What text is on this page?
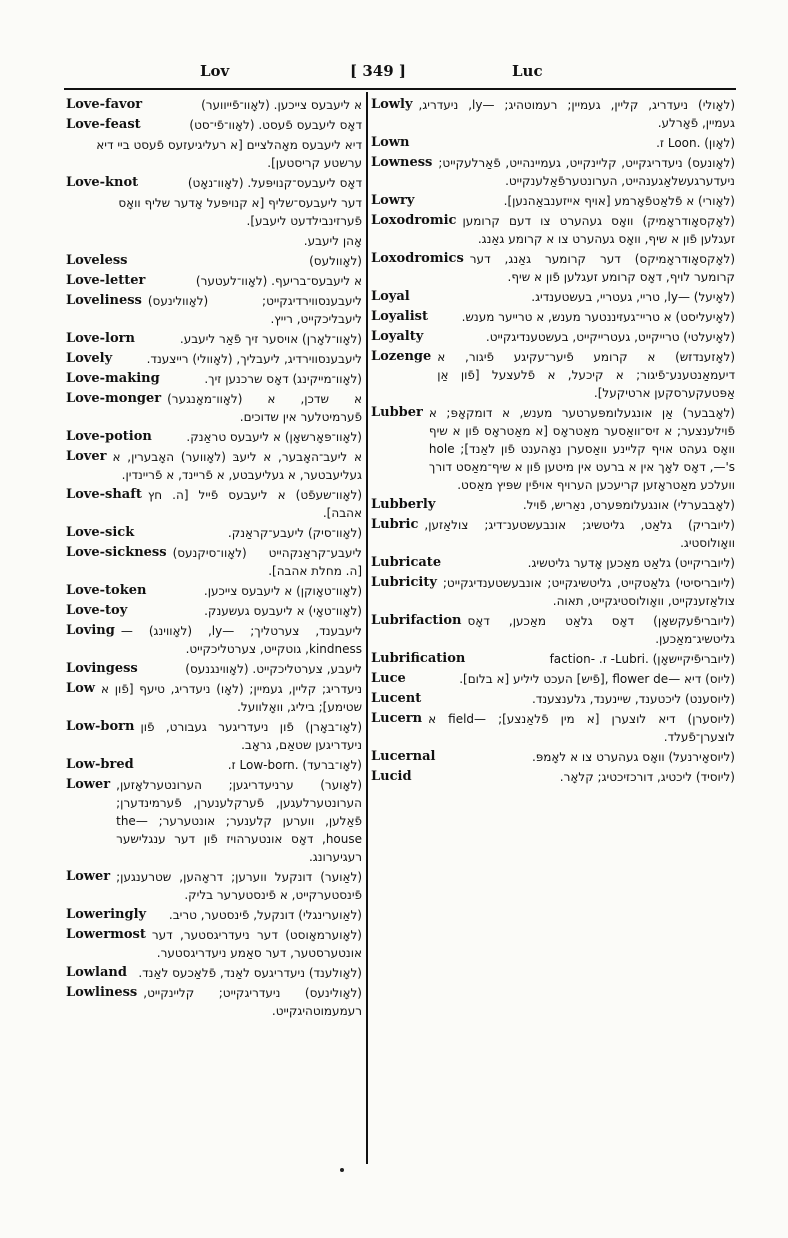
Lov	[ 349 ]	Luc
Love-favor	א ליעבעס צייכען. (לאָוו־פֿייווער)
Love-feast	דאָס ליעבעס פֿעסט. (לאָוו־פֿי־סט)
דיא ליעבעס מאָהלציים [א רעליגיעזעס פֿעסט ביי דיא ערשטע קריסטען].
Love-knot	דאָס ליעבעס־קנויפּעל. (לאָוו־נאָט)
דער ליעבעס־שליף [א קנויפּעל אָדער שליף וואָס פֿערזינבילדעט ליעבע].
אָהן ליעבע.
Loveless	(לאָוולעס)
Love-letter	א ליעבעס־בריעף. (לאָוו־לעטער)
Loveliness ליעבענסווירדיגקייט; (לאָוולינעס) ליעבליכקייט, רייץ.
Love-lorn	(לאָוו־לאָרן) אויסער זיך פֿאַר ליעבע.
Lovely	ליעבענסווירדיג, ליעבליך, (לאָוולי) רייצענד.
Love-making	(לאָוו־מייקינג) דאָס שרכנען זיך.
Love-monger א שדכן, א (לאָוו־מאָנגער) פֿערמיטלער אין שדוכים.
Love-potion	(לאָוו־פּאָרשאָן) א ליעבעס טראַנק.
Lover א ליעב־האָבער, א ליעבּ (לאָווער) האָבערין, א געליעבטער, א געליעבטע, א פֿריינד, א פֿריינדין.
Love-shaft (לאָוו־שעפֿט) א ליעבעס פֿייל [ה. חץ אהבה].
Love-sick	(לאָוו־סיק) ליעבע־קראַנק.
Love-sickness ליעבע־קראַנקהייט (לאָוו־סיקנעס) [ה. מחלת אהבה].
Love-token	(לאָוו־טאָוקן) א ליעבעס צייכען.
Love-toy	(לאָוו־טאָי) א ליעבעס געשענק.
Loving ליעבענד, צערטליך; —ly, (לאָווינג) —kindness, גוטקייט, צערטליכקייט.
Lovingess	ליעבע, צערטליכקייט. (לאָווינגנעס)
Low ניעדריג; קליין, געמיין; (לאָו) ניעדריג, טיעף [פֿון א שטימע]; ביליג, וואָלוועל.
Low-born (לאָו־באָרן) פֿון ניעדריגער געבורט, פֿון ניעדריגען שטאַם, גראָב.
Low-bred	(לאָו־ברעד) .Low-born ז.
Lower (לאָוער) ערניעדריגען; הערונטערלאָזען, הערונטערלעגען, פֿערקלענערן, פֿערמינדערן; פֿאַלען, ווערען קלענער; אונטערער; the—house, דאָס אונטערהויז פֿון דער ענגלישער רעגיערונג.
Lower (לאַוער) דונקעל ווערען; דראָהען, שטרענגען; פֿינסטערקייט, א פֿינסטערער בליק.
Loweringly	(לאַוערינגלי) דונקעל, פֿינסטער, טריב.
Lowermost (לאָוערמאָוסט) דער ניעדריגסטער, דער אונטערסטער, דער סאַמע ניעדריגסטער.
Lowland (לאָולענד) ניעדריגעס לאַנד, פֿלאַכעס לאַנד.
Lowliness (לאָולינעס) ניעדריגקייט; קליינקייט, רעמעמוטהיגקייט.
Lowly (לאָולי) ניעדריג, קליין, געמיין; רעמוטהיג; —ly, ניעדריג, געמיין, פֿאָרלע.
Lown	(לאָון) .Loon ז.
Lowness (לאָונעס) ניעדריגקייט, קליינקייט, געמיינהייט, פֿאַרלעקייט; ניעדערגעשלאַגענהייט, הערונטערפֿאַלענקייט.
Lowry	(לאָורי) א פֿלאַטפֿאָרמע [אויף אייזענבאַהנען].
Loxodromic (לאָקסאָודראָמיק) וואָס געהערט צו דעם קרומען זעגלען פֿון א שיף, וואָס געהערט צו א קרומע גאַנג.
Loxodromics (לאָקסאָודראָמיקס) דער קרומער גאַנג, דער קרומער לויף, דאָס קרומע זעגלען פֿון א שיף.
Loyal	(לאָיעל) —ly, טריי, געטריי, בעשטענדיג.
Loyalist	(לאָיעליסט) א טריי־געזיננטער מענש, א טרייער מענש.
Loyalty	(לאָיעלטי) טרייקייט, געטרייקייט, בעשטענדיגקייט.
Lozenge (לאָזענדזש) א קרומע פֿיער־עקיגע פֿיגור, א דיעמאַנטענע־פֿיגור; א קיכעל, א פֿלעצעל [פֿון אַן אַפּטעקערסקען ארטיקעל].
Lubber (לאָבבער) אַן אונגעלומפּערטער מענש, א דומקאָפּ; א פֿוילענצער; א זיס־וואַסער מאַטראָס [א מאַטראָס פֿון א שיף וואָס געהט אויף קליינע וואַסערן נאָהענט פֿון לאַנד]; hole —'s, דאָס לאָך אין א ברעט אין מיטען פֿון א שיף־מאַסט דורך וועלכע מאַטראָזען קריעכען הערויף אויפֿין שפּיץ מאַסט.
Lubberly	(לאָבבערלי) אונגעלומפּערט, נאַריש, פֿויל.
Lubric (ליובריק) גלאַט, גליטשיג; אונבעשטענ־דיג; צולאַזען, וואָולוסטיג.
Lubricate	(ליובריקייט) גלאַט מאַכען אָדער גליטשיג.
Lubricity (ליובריסיטי) גלאַטקייט, גליטשיגקייט; אונבעשטענדיגקייט; צולאַזענקייט, וואָולוסטיגקייט, תאוה.
Lubrifaction (ליובריפֿעקשאָן) דאָס גלאַט מאַכען, דאָס גליטשיג־מאַכען.
Lubrification	(ליובריפֿיקיישאָן) .Lubri- ז. -faction
Luce	(ליוס) דיא —flower de ,[פֿיש] העכט ליליע [א בלום].
Lucent	(ליוסענט) ליכטענד, שיינענד, גלענצענד.
Lucern (ליוסערן) דיא לוצערן [א מין פֿלאַנצע]; —field א לוצערן־פֿעלד.
Lucernal	(ליוסאָירנעל) וואָס געהערט צו א לאָמפּ.
Lucid	(ליוסיד) ליכטיג, דורכזיכטיג; קלאָר.
